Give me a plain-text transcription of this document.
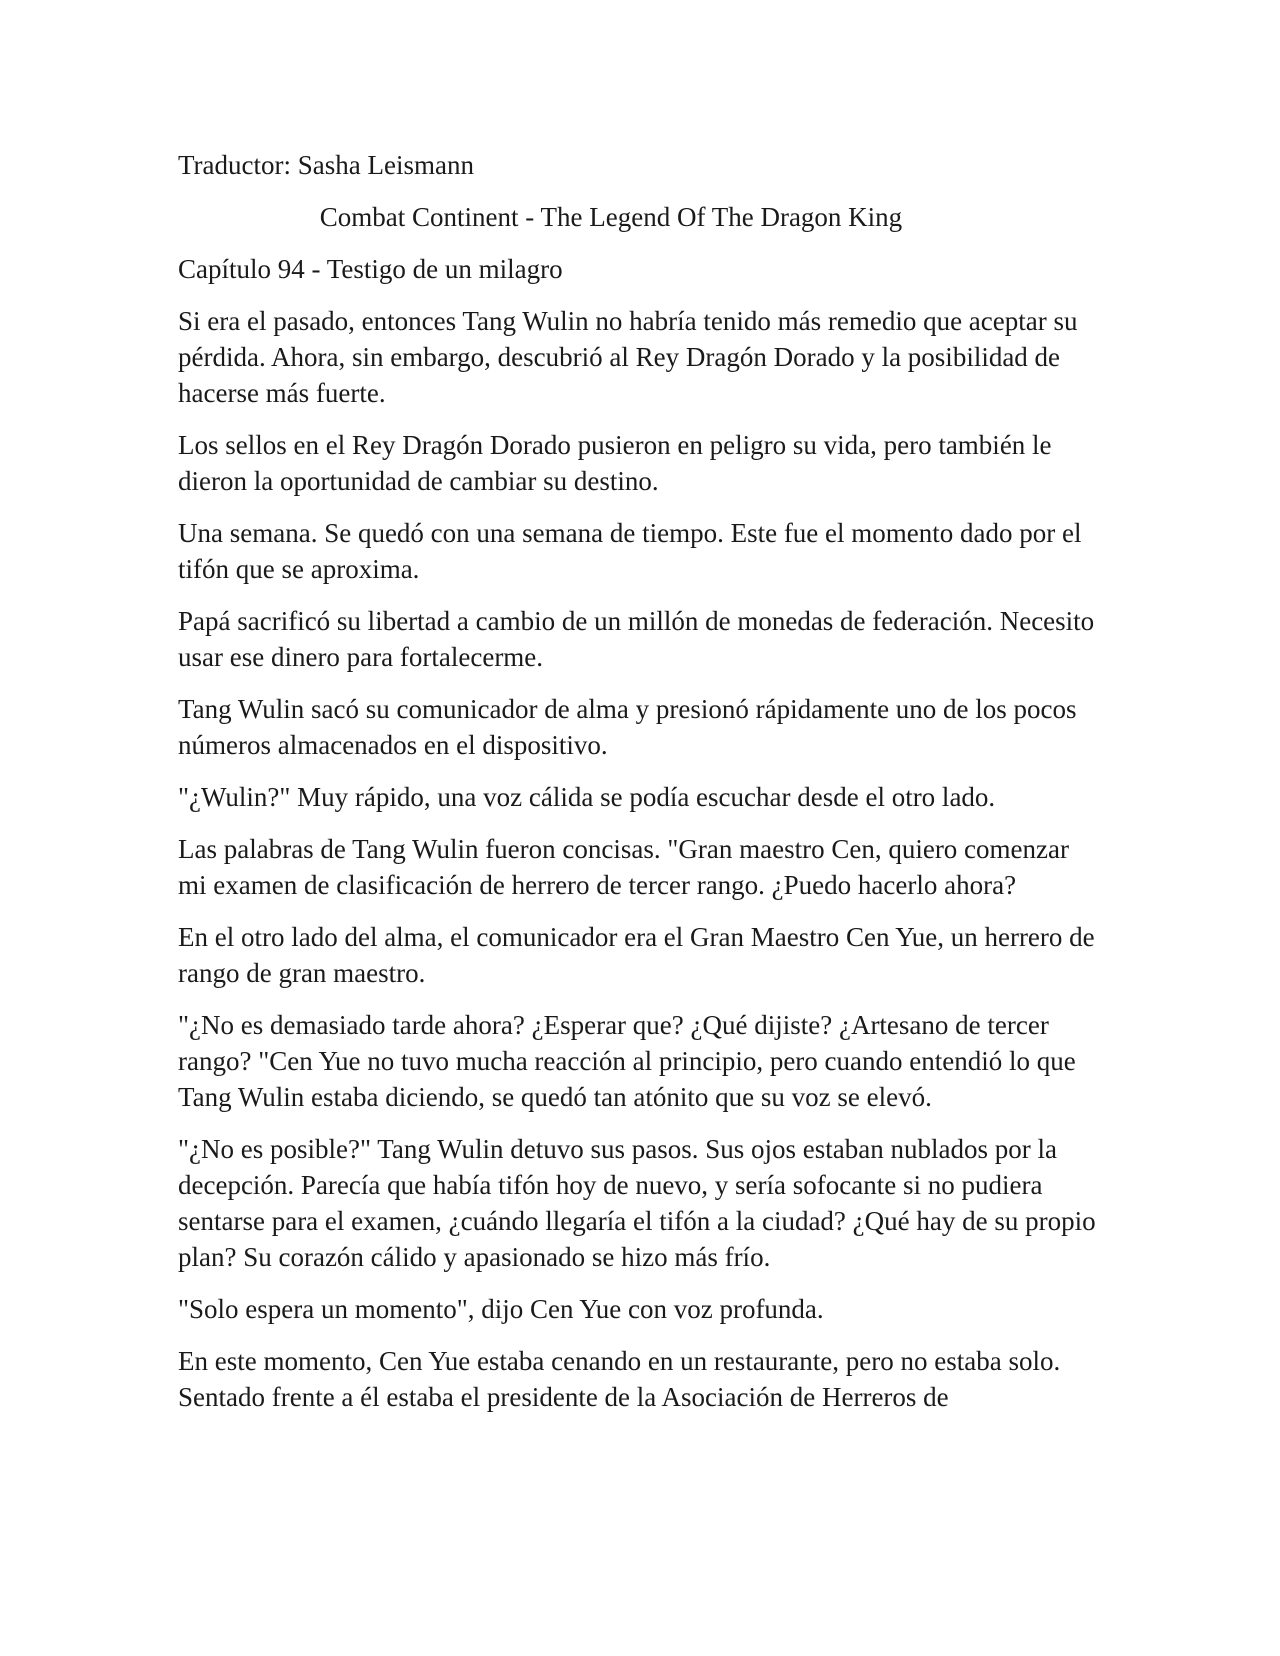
Traductor: Sasha Leismann

Combat Continent - The Legend Of The Dragon King

Capítulo 94 - Testigo de un milagro

Si era el pasado, entonces Tang Wulin no habría tenido más remedio que aceptar su pérdida. Ahora, sin embargo, descubrió al Rey Dragón Dorado y la posibilidad de hacerse más fuerte.

Los sellos en el Rey Dragón Dorado pusieron en peligro su vida, pero también le dieron la oportunidad de cambiar su destino.

Una semana. Se quedó con una semana de tiempo. Este fue el momento dado por el tifón que se aproxima.

Papá sacrificó su libertad a cambio de un millón de monedas de federación. Necesito usar ese dinero para fortalecerme.

Tang Wulin sacó su comunicador de alma y presionó rápidamente uno de los pocos números almacenados en el dispositivo.

"¿Wulin?" Muy rápido, una voz cálida se podía escuchar desde el otro lado.

Las palabras de Tang Wulin fueron concisas. "Gran maestro Cen, quiero comenzar mi examen de clasificación de herrero de tercer rango. ¿Puedo hacerlo ahora?

En el otro lado del alma, el comunicador era el Gran Maestro Cen Yue, un herrero de rango de gran maestro.

"¿No es demasiado tarde ahora? ¿Esperar que? ¿Qué dijiste? ¿Artesano de tercer rango? "Cen Yue no tuvo mucha reacción al principio, pero cuando entendió lo que Tang Wulin estaba diciendo, se quedó tan atónito que su voz se elevó.

"¿No es posible?" Tang Wulin detuvo sus pasos. Sus ojos estaban nublados por la decepción. Parecía que había tifón hoy de nuevo, y sería sofocante si no pudiera sentarse para el examen, ¿cuándo llegaría el tifón a la ciudad? ¿Qué hay de su propio plan? Su corazón cálido y apasionado se hizo más frío.

"Solo espera un momento", dijo Cen Yue con voz profunda.

En este momento, Cen Yue estaba cenando en un restaurante, pero no estaba solo. Sentado frente a él estaba el presidente de la Asociación de Herreros de
